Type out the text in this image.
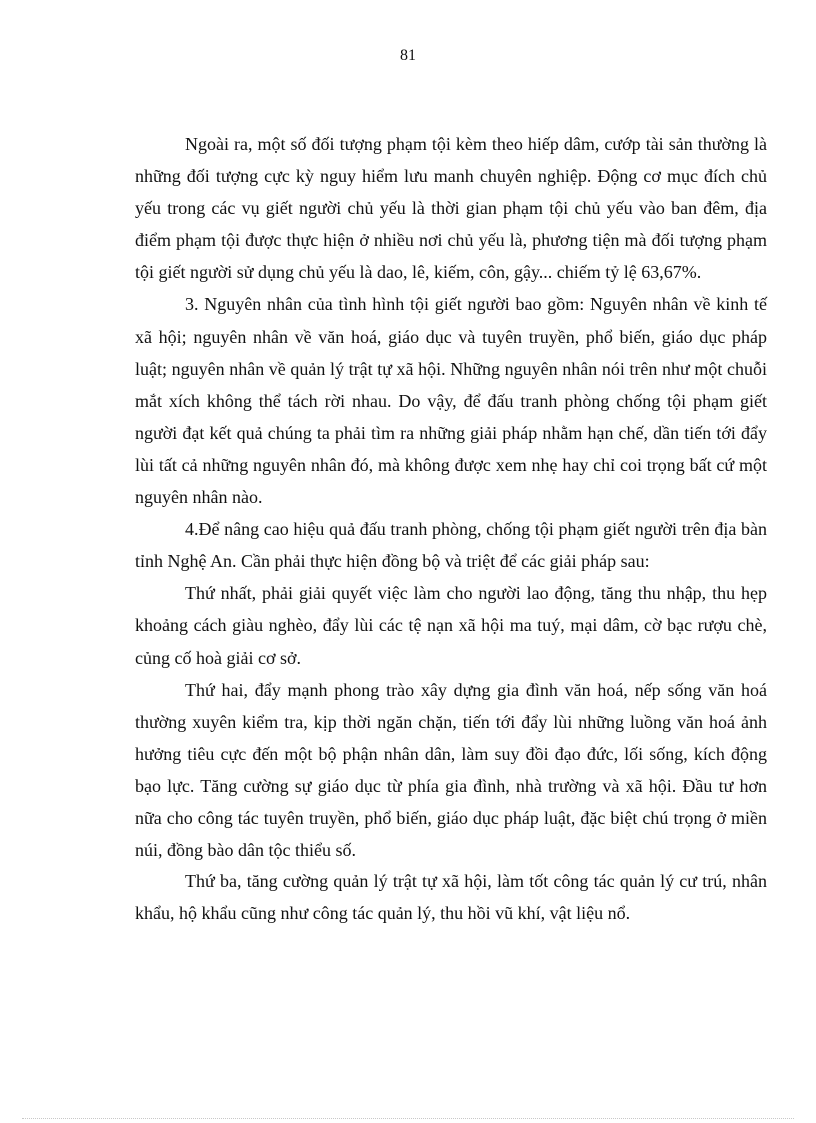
81

Ngoài ra, một số đối tượng phạm tội kèm theo hiếp dâm, cướp tài sản thường là những đối tượng cực kỳ nguy hiểm lưu manh chuyên nghiệp. Động cơ mục đích chủ yếu trong các vụ giết người chủ yếu là thời gian phạm tội chủ yếu vào ban đêm, địa điểm phạm tội được thực hiện ở nhiều nơi chủ yếu là, phương tiện mà đối tượng phạm tội giết người sử dụng chủ yếu là dao, lê, kiếm, côn, gậy... chiếm tỷ lệ 63,67%.

3. Nguyên nhân của tình hình tội giết người bao gồm: Nguyên nhân về kinh tế xã hội; nguyên nhân về văn hoá, giáo dục và tuyên truyền, phổ biến, giáo dục pháp luật; nguyên nhân về quản lý trật tự xã hội. Những nguyên nhân nói trên như một chuỗi mắt xích không thể tách rời nhau. Do vậy, để đấu tranh phòng chống tội phạm giết người đạt kết quả chúng ta phải tìm ra những giải pháp nhằm hạn chế, dần tiến tới đẩy lùi tất cả những nguyên nhân đó, mà không được xem nhẹ hay chỉ coi trọng bất cứ một nguyên nhân nào.

4.Để nâng cao hiệu quả đấu tranh phòng, chống tội phạm giết người trên địa bàn tỉnh Nghệ An. Cần phải thực hiện đồng bộ và triệt để các giải pháp sau:

Thứ nhất, phải giải quyết việc làm cho người lao động, tăng thu nhập, thu hẹp khoảng cách giàu nghèo, đẩy lùi các tệ nạn xã hội ma tuý, mại dâm, cờ bạc rượu chè, củng cố hoà giải cơ sở.

Thứ hai, đẩy mạnh phong trào xây dựng gia đình văn hoá, nếp sống văn hoá thường xuyên kiểm tra, kịp thời ngăn chặn, tiến tới đẩy lùi những luồng văn hoá ảnh hưởng tiêu cực đến một bộ phận nhân dân, làm suy đồi đạo đức, lối sống, kích động bạo lực. Tăng cường sự giáo dục từ phía gia đình, nhà trường và xã hội. Đầu tư hơn nữa cho công tác tuyên truyền, phổ biến, giáo dục pháp luật, đặc biệt chú trọng ở miền núi, đồng bào dân tộc thiểu số.

Thứ ba, tăng cường quản lý trật tự xã hội, làm tốt công tác quản lý cư trú, nhân khẩu, hộ khẩu cũng như công tác quản lý, thu hồi vũ khí, vật liệu nổ.
